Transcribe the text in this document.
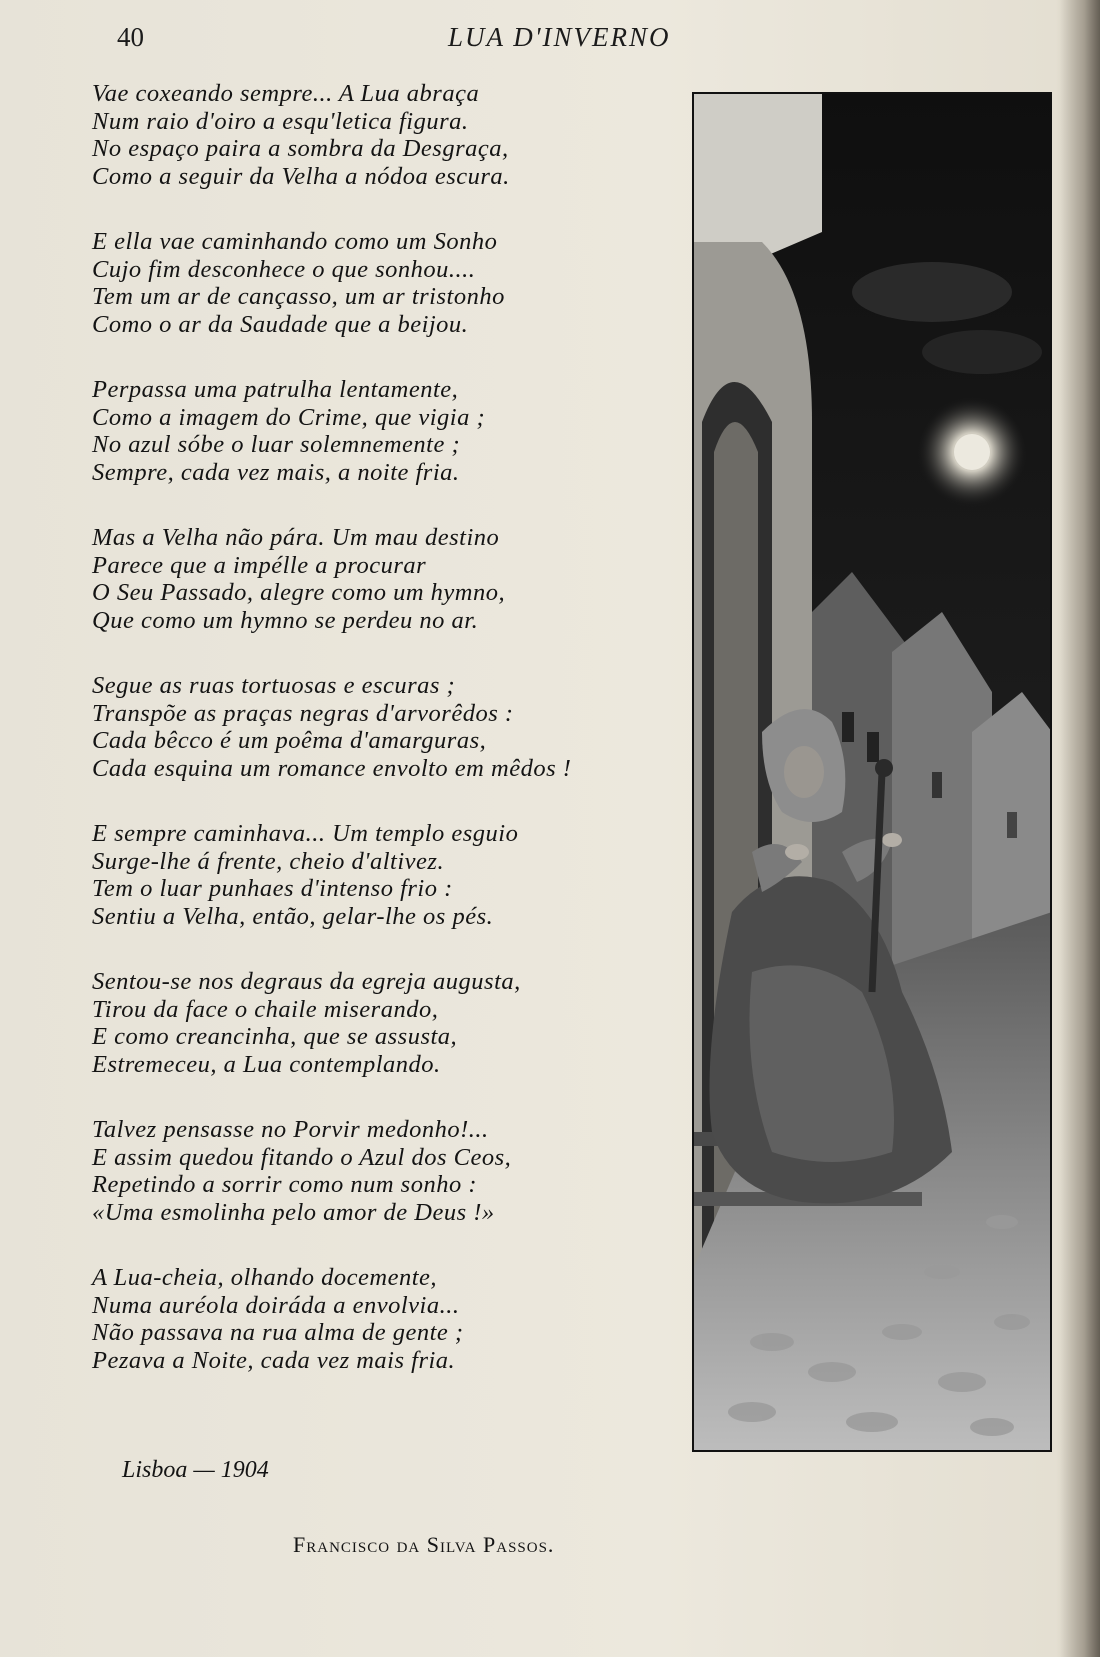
40	LUA D'INVERNO
Vae coxeando sempre... A Lua abraça
Num raio d'oiro a esqu'letica figura.
No espaço paira a sombra da Desgraça,
Como a seguir da Velha a nódoa escura.
E ella vae caminhando como um Sonho
Cujo fim desconhece o que sonhou....
Tem um ar de cançasso, um ar tristonho
Como o ar da Saudade que a beijou.
Perpassa uma patrulha lentamente,
Como a imagem do Crime, que vigia ;
No azul sóbe o luar solemnemente ;
Sempre, cada vez mais, a noite fria.
Mas a Velha não pára. Um mau destino
Parece que a impélle a procurar
O Seu Passado, alegre como um hymno,
Que como um hymno se perdeu no ar.
Segue as ruas tortuosas e escuras ;
Transpõe as praças negras d'arvorêdos :
Cada bêcco é um poêma d'amarguras,
Cada esquina um romance envolto em mêdos !
E sempre caminhava... Um templo esguio
Surge-lhe á frente, cheio d'altivez.
Tem o luar punhaes d'intenso frio :
Sentiu a Velha, então, gelar-lhe os pés.
Sentou-se nos degraus da egreja augusta,
Tirou da face o chaile miserando,
E como creancinha, que se assusta,
Estremeceu, a Lua contemplando.
Talvez pensasse no Porvir medonho!...
E assim quedou fitando o Azul dos Ceos,
Repetindo a sorrir como num sonho :
«Uma esmolinha pelo amor de Deus !»
A Lua-cheia, olhando docemente,
Numa auréola doiráda a envolvia...
Não passava na rua alma de gente ;
Pezava a Noite, cada vez mais fria.
Lisboa — 1904
Francisco da Silva Passos.
